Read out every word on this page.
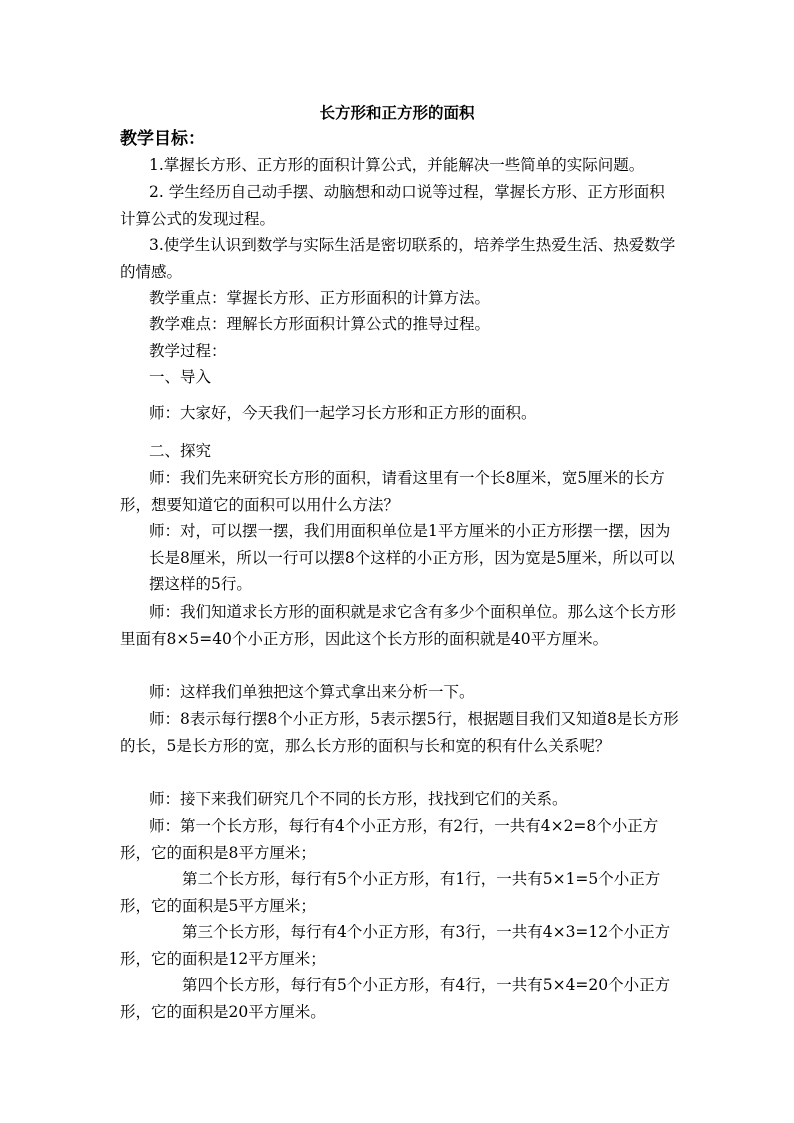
长方形和正方形的面积
教学目标：

1.掌握长方形、正方形的面积计算公式，并能解决一些简单的实际问题。

2. 学生经历自己动手摆、动脑想和动口说等过程，掌握长方形、正方形面积计算公式的发现过程。

3.使学生认识到数学与实际生活是密切联系的，培养学生热爱生活、热爱数学的情感。

教学重点：掌握长方形、正方形面积的计算方法。
教学难点：理解长方形面积计算公式的推导过程。
教学过程：
一、导入
师：大家好，今天我们一起学习长方形和正方形的面积。
二、探究

师：我们先来研究长方形的面积，请看这里有一个长8厘米，宽5厘米的长方形，想要知道它的面积可以用什么方法？

师：对，可以摆一摆，我们用面积单位是1平方厘米的小正方形摆一摆，因为长是8厘米，所以一行可以摆8个这样的小正方形，因为宽是5厘米，所以可以摆这样的5行。

师：我们知道求长方形的面积就是求它含有多少个面积单位。那么这个长方形里面有8×5=40个小正方形，因此这个长方形的面积就是40平方厘米。

师：这样我们单独把这个算式拿出来分析一下。

师：8表示每行摆8个小正方形，5表示摆5行，根据题目我们又知道8是长方形的长，5是长方形的宽，那么长方形的面积与长和宽的积有什么关系呢？

师：接下来我们研究几个不同的长方形，找找到它们的关系。

师：第一个长方形，每行有4个小正方形，有2行，一共有4×2=8个小正方形，它的面积是8平方厘米；

第二个长方形，每行有5个小正方形，有1行，一共有5×1=5个小正方形，它的面积是5平方厘米；

第三个长方形，每行有4个小正方形，有3行，一共有4×3=12个小正方形，它的面积是12平方厘米；

第四个长方形，每行有5个小正方形，有4行，一共有5×4=20个小正方形，它的面积是20平方厘米。
